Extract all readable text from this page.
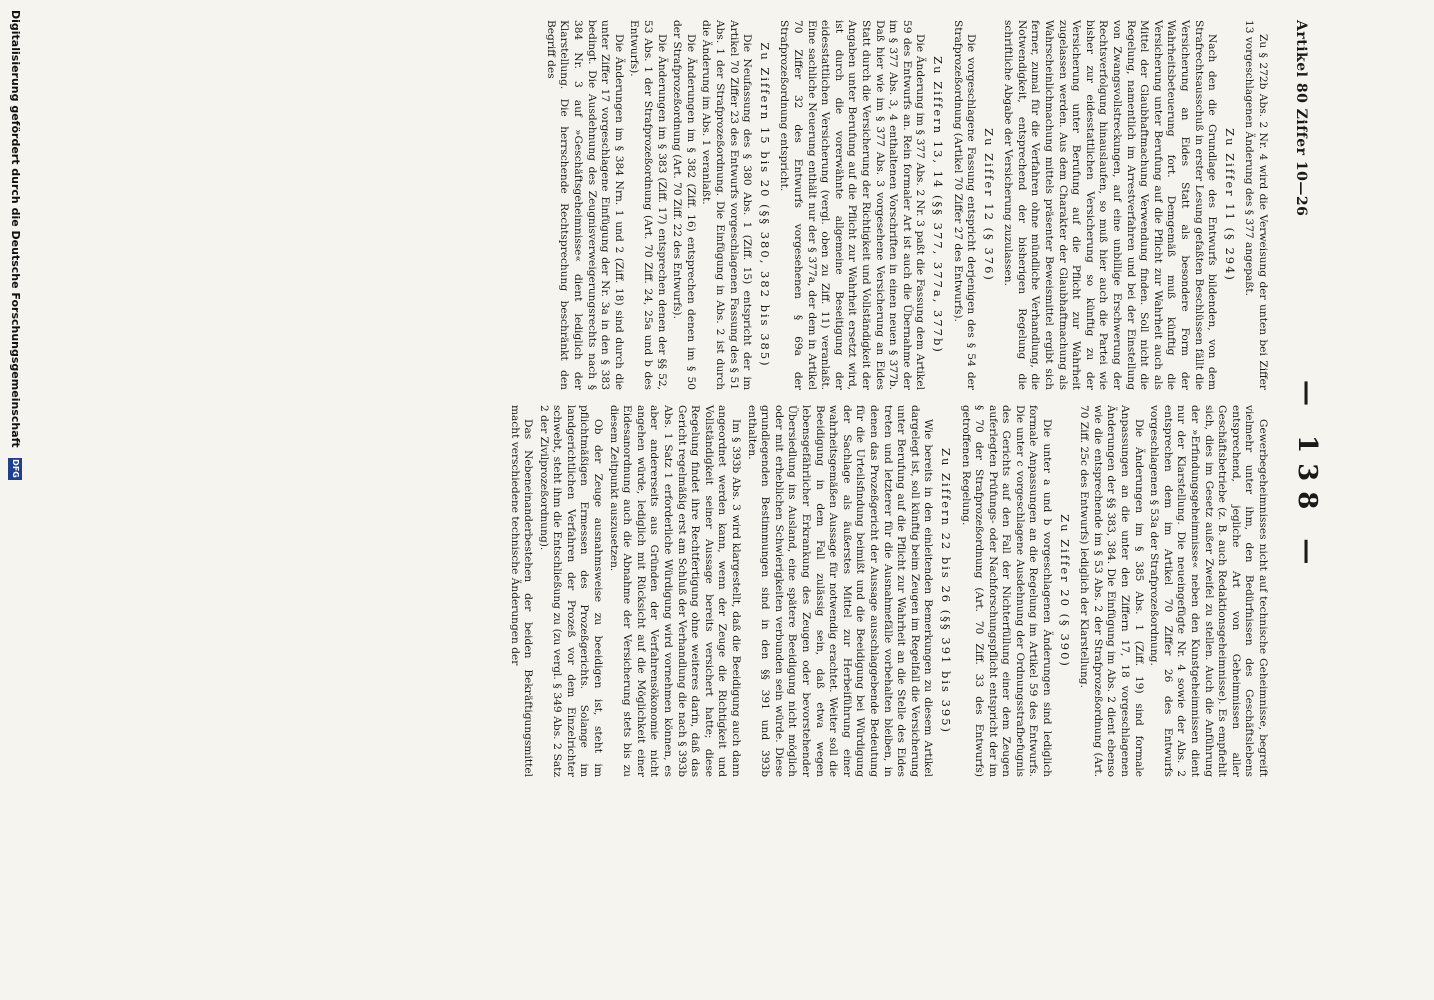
Artikel 80 Ziffer 10—26
— 138 —

Zu § 272b Abs. 2 Nr. 4 wird die Verweisung der unten bei Ziffer 13 vorgeschlagenen Änderung des § 377 angepaßt.

Zu Ziffer 11 (§ 294)

Nach den die Grundlage des Entwurfs bildenden, von dem Strafrechtsausschuß in erster Lesung gefaßten Beschlüssen fällt die Versicherung an Eides Statt als besondere Form der Wahrheitsbeteuerung fort. Demgemäß muß künftig die Versicherung unter Berufung auf die Pflicht zur Wahrheit auch als Mittel der Glaubhaftmachung Verwendung finden. Soll nicht die Regelung, namentlich im Arrestverfahren und bei der Einstellung von Zwangsvollstreckungen, auf eine unbillige Erschwerung der Rechtsverfolgung hinauslaufen, so muß hier auch die Partei wie bisher zur eidesstattlichen Versicherung so künftig zu der Versicherung unter Berufung auf die Pflicht zur Wahrheit zugelassen werden. Aus dem Charakter der Glaubhaftmachung als Wahrscheinlichmachung mittels präsenter Beweismittel ergibt sich ferner, zumal für die Verfahren ohne mündliche Verhandlung, die Notwendigkeit, entsprechend der bisherigen Regelung die schriftliche Abgabe der Versicherung zuzulassen.

Zu Ziffer 12 (§ 376)

Die vorgeschlagene Fassung entspricht derjenigen des § 54 der Strafprozeßordnung (Artikel 70 Ziffer 27 des Entwurfs).

Zu Ziffern 13, 14 (§§ 377, 377a, 377b)

Die Änderung im § 377 Abs. 2 Nr. 3 paßt die Fassung dem Artikel 59 des Entwurfs an. Rein formaler Art ist auch die Übernahme der im § 377 Abs. 3, 4 enthaltenen Vorschriften in einen neuen § 377b. Daß hier wie im § 377 Abs. 3 vorgesehene Versicherung an Eides Statt durch die Versicherung der Richtigkeit und Vollständigkeit der Angaben unter Berufung auf die Pflicht zur Wahrheit ersetzt wird, ist durch die vorerwähnte allgemeine Beseitigung der eidesstattlichen Versicherung (vergl. oben zu Ziff. 11) veranlaßt. Eine sachliche Neuerung enthält nur der § 377a, der dem in Artikel 70 Ziffer 32 des Entwurfs vorgesehenen § 69a der Strafprozeßordnung entspricht.

Zu Ziffern 15 bis 20 (§§ 380, 382 bis 385)

Die Neufassung des § 380 Abs. 1 (Ziff. 15) entspricht der im Artikel 70 Ziffer 23 des Entwurfs vorgeschlagenen Fassung des § 51 Abs. 1 der Strafprozeßordnung. Die Einfügung in Abs. 2 ist durch die Änderung im Abs. 1 veranlaßt.

Die Änderungen im § 382 (Ziff. 16) entsprechen denen im § 50 der Strafprozeßordnung (Art. 70 Ziff. 22 des Entwurfs).

Die Änderungen im § 383 (Ziff. 17) entsprechen denen der §§ 52, 53 Abs. 1 der Strafprozeßordnung (Art. 70 Ziff. 24, 25a und b des Entwurfs).

Die Änderungen im § 384 Nrn. 1 und 2 (Ziff. 18) sind durch die unter Ziffer 17 vorgeschlagene Einfügung der Nr. 3a in den § 383 bedingt. Die Ausdehnung des Zeugnisverweigerungsrechts nach § 384 Nr. 3 auf »Geschäftsgeheimnisse« dient lediglich der Klarstellung. Die herrschende Rechtsprechung beschränkt den Begriff des

Gewerbegeheimnisses nicht auf technische Geheimnisse, begreift vielmehr unter ihm, den Bedürfnissen des Geschäftslebens entsprechend, jegliche Art von Geheimnissen aller Geschäftsbetriebe (z. B. auch Redaktionsgeheimnisse). Es empfiehlt sich, dies im Gesetz außer Zweifel zu stellen. Auch die Anführung der »Erfindungsgeheimnisse« neben den Kunstgeheimnissen dient nur der Klarstellung. Die neueingefügte Nr. 4 sowie der Abs. 2 entsprechen dem im Artikel 70 Ziffer 26 des Entwurfs vorgeschlagenen § 53a der Strafprozeßordnung.

Die Änderungen im § 385 Abs. 1 (Ziff. 19) sind formale Anpassungen an die unter den Ziffern 17, 18 vorgeschlagenen Änderungen der §§ 383, 384. Die Einfügung im Abs. 2 dient ebenso wie die entsprechende im § 53 Abs. 2 der Strafprozeßordnung (Art. 70 Ziff. 25c des Entwurfs) lediglich der Klarstellung.

Zu Ziffer 20 (§ 390)

Die unter a und b vorgeschlagenen Änderungen sind lediglich formale Anpassungen an die Regelung im Artikel 59 des Entwurfs. Die unter c vorgeschlagene Ausdehnung der Ordnungsstrafbefugnis des Gerichts auf den Fall der Nichterfüllung einer dem Zeugen auferlegten Prüfungs- oder Nachforschungspflicht entspricht der im § 70 der Strafprozeßordnung (Art. 70 Ziff. 33 des Entwurfs) getroffenen Regelung.

Zu Ziffern 22 bis 26 (§§ 391 bis 395)

Wie bereits in den einleitenden Bemerkungen zu diesem Artikel dargelegt ist, soll künftig beim Zeugen im Regelfall die Versicherung unter Berufung auf die Pflicht zur Wahrheit an die Stelle des Eides treten und letzterer für die Ausnahmefälle vorbehalten bleiben, in denen das Prozeßgericht der Aussage ausschlaggebende Bedeutung für die Urteilsfindung beimißt und die Beeidigung bei Würdigung der Sachlage als äußerstes Mittel zur Herbeiführung einer wahrheitsgemäßen Aussage für notwendig erachtet. Weiter soll die Beeidigung in dem Fall zulässig sein, daß etwa wegen lebensgefährlicher Erkrankung des Zeugen oder bevorstehender Übersiedlung ins Ausland, eine spätere Beeidigung nicht möglich oder mit erheblichen Schwierigkeiten verbunden sein würde. Diese grundlegenden Bestimmungen sind in den §§ 391 und 393b enthalten.

Im § 393b Abs. 3 wird klargestellt, daß die Beeidigung auch dann angeordnet werden kann, wenn der Zeuge die Richtigkeit und Vollständigkeit seiner Aussage bereits versichert hatte; diese Regelung findet ihre Rechtfertigung ohne weiteres darin, daß das Gericht regelmäßig erst am Schluß der Verhandlung die nach § 393b Abs. 1 Satz 1 erforderliche Würdigung wird vornehmen können, es aber andererseits aus Gründen der Verfahrensökonomie nicht angehen würde, lediglich mit Rücksicht auf die Möglichkeit einer Eidesanordnung auch die Abnahme der Versicherung stets bis zu diesem Zeitpunkt auszusetzen.

Ob der Zeuge ausnahmsweise zu beeidigen ist, steht im pflichtmäßigen Ermessen des Prozeßgerichts. Solange im landgerichtlichen Verfahren der Prozeß vor dem Einzelrichter schwebt, steht ihm die Entschließung zu (zu vergl. § 349 Abs. 2 Satz 2 der Zivilprozeßordnung).

Das Nebeneinanderbestehen der beiden Bekräftigungsmittel macht verschiedene technische Änderungen der

Digitalisierung gefördert durch die Deutsche Forschungsgemeinschaft DFG
